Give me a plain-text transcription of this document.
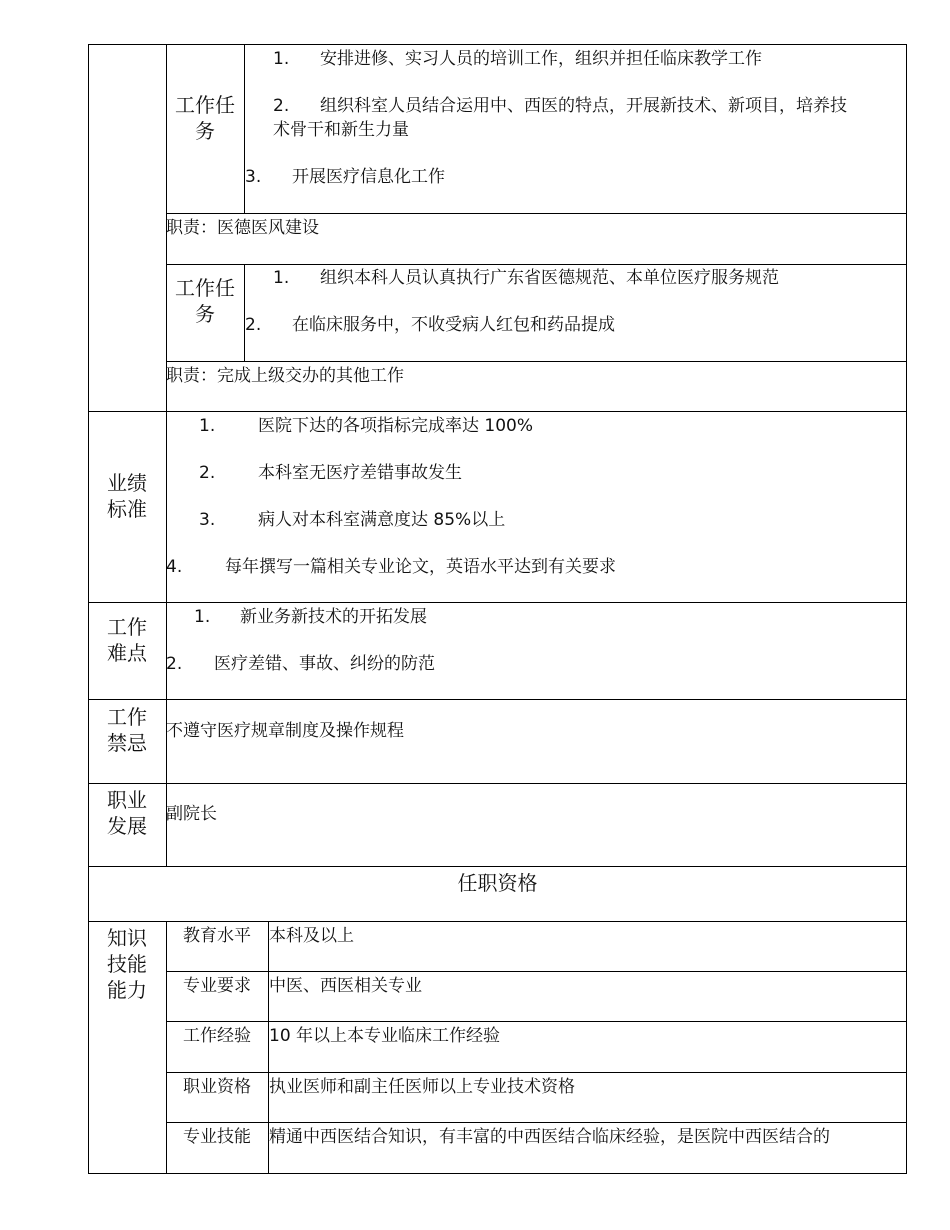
工作任务
1. 安排进修、实习人员的培训工作，组织并担任临床教学工作
2. 组织科室人员结合运用中、西医的特点，开展新技术、新项目，培养技
术骨干和新生力量
3. 开展医疗信息化工作
职责：医德医风建设
工作任务
1. 组织本科人员认真执行广东省医德规范、本单位医疗服务规范
2. 在临床服务中，不收受病人红包和药品提成
职责：完成上级交办的其他工作
业绩标准
1.	医院下达的各项指标完成率达 100%
2.	本科室无医疗差错事故发生
3.	病人对本科室满意度达 85%以上
4.	每年撰写一篇相关专业论文，英语水平达到有关要求
工作难点
1. 新业务新技术的开拓发展
2. 医疗差错、事故、纠纷的防范
工作禁忌 不遵守医疗规章制度及操作规程
职业发展 副院长
任职资格
知识技能能力
教育水平	本科及以上
专业要求	中医、西医相关专业
工作经验	10 年以上本专业临床工作经验
职业资格	执业医师和副主任医师以上专业技术资格
专业技能	精通中西医结合知识，有丰富的中西医结合临床经验，是医院中西医结合的
